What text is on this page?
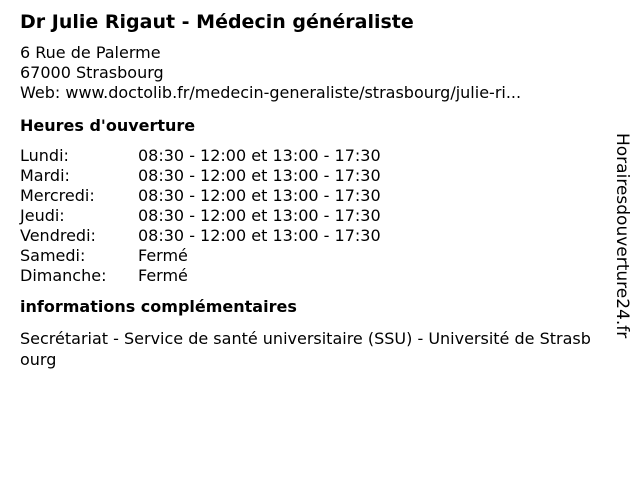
Dr Julie Rigaut - Médecin généraliste
6 Rue de Palerme
67000 Strasbourg
Web: www.doctolib.fr/medecin-generaliste/strasbourg/julie-ri...
Heures d'ouverture
Lundi:	08:30 - 12:00 et 13:00 - 17:30
Mardi:	08:30 - 12:00 et 13:00 - 17:30
Mercredi:	08:30 - 12:00 et 13:00 - 17:30
Jeudi:	08:30 - 12:00 et 13:00 - 17:30
Vendredi:	08:30 - 12:00 et 13:00 - 17:30
Samedi:	Fermé
Dimanche:	Fermé
informations complémentaires
Secrétariat - Service de santé universitaire (SSU) - Université de Strasbourg
Horairesdouverture24.fr
